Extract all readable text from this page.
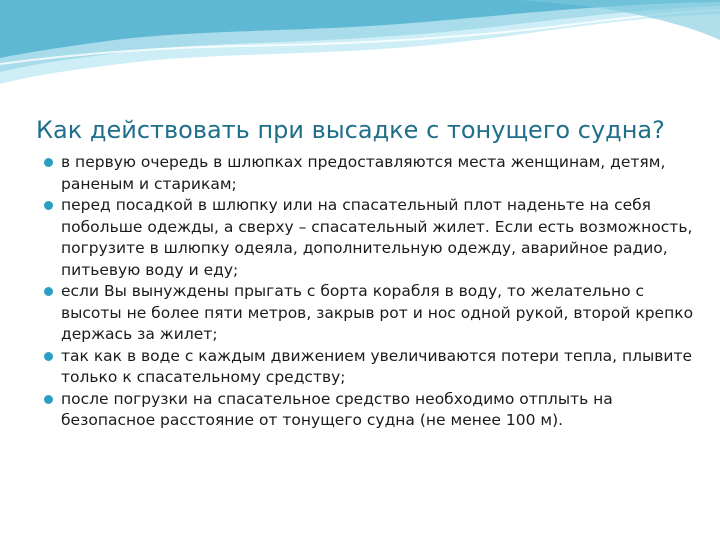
Как действовать при высадке с тонущего судна?
в первую очередь в шлюпках предоставляются места женщинам, детям, раненым и старикам;
перед посадкой в шлюпку или на спасательный плот наденьте на себя побольше одежды, а сверху – спасательный жилет. Если есть возможность, погрузите в шлюпку одеяла, дополнительную одежду, аварийное радио, питьевую воду и еду;
если Вы вынуждены прыгать с борта корабля в воду, то желательно с высоты не более пяти метров, закрыв рот и нос одной рукой, второй крепко держась за жилет;
так как в воде с каждым движением увеличиваются потери тепла, плывите только к спасательному средству;
после погрузки на спасательное средство необходимо отплыть на безопасное расстояние от тонущего судна (не менее 100 м).
